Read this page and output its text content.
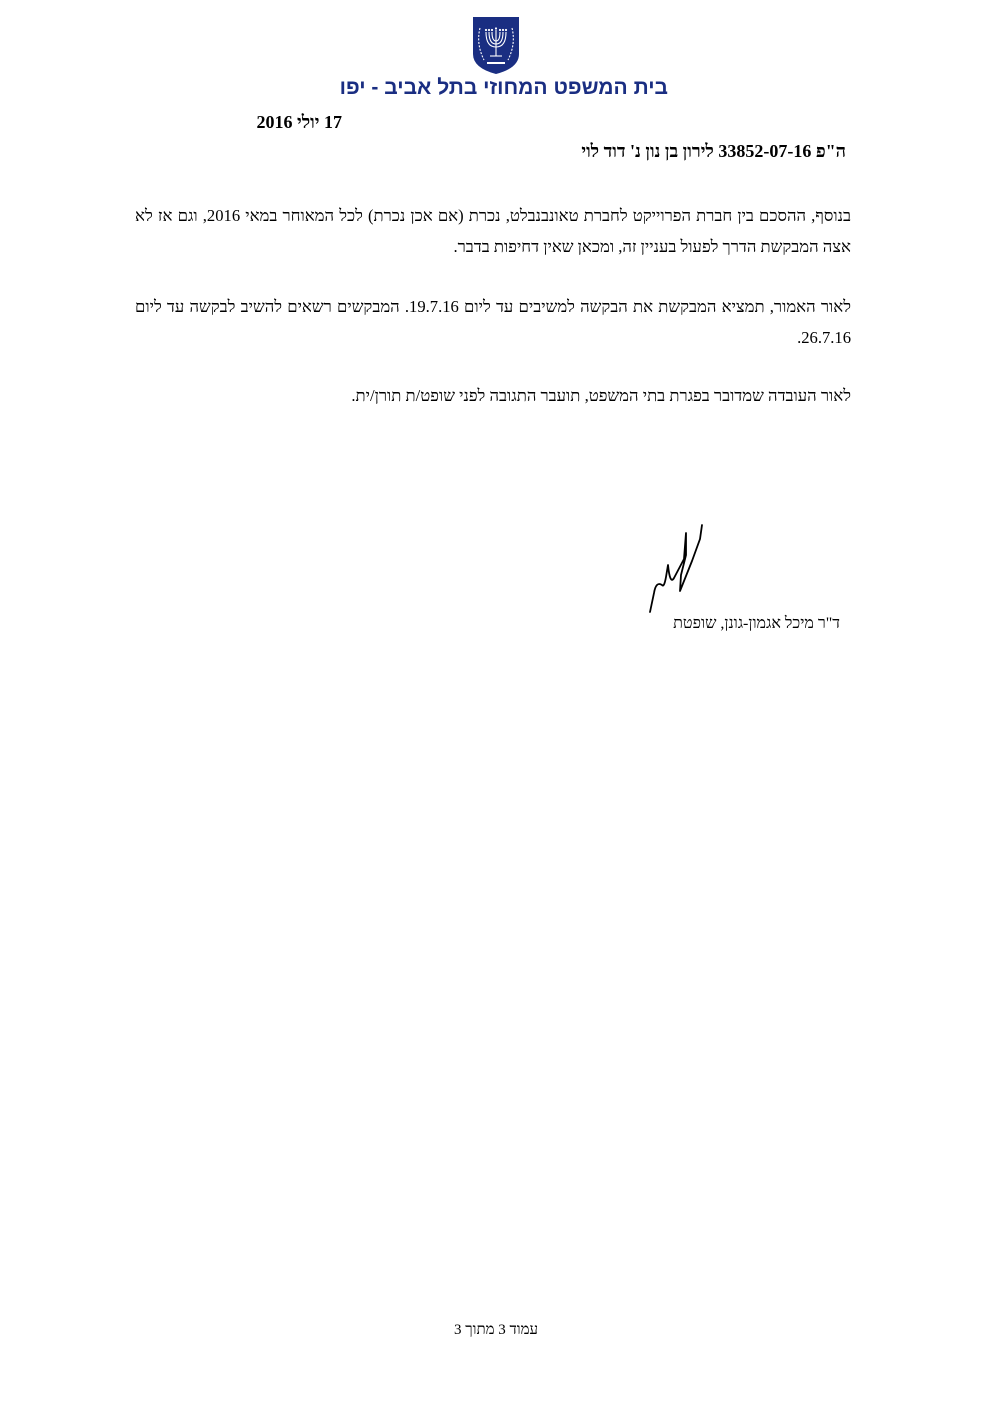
בית המשפט המחוזי בתל אביב - יפו
17 יולי 2016
ה"פ 33852-07-16 לירון בן נון נ' דוד לוי

בנוסף, ההסכם בין חברת הפרוייקט לחברת טאונבנבלט, נכרת (אם אכן נכרת) לכל המאוחר במאי 2016, וגם אז לא אצה המבקשת הדרך לפעול בעניין זה, ומכאן שאין דחיפות בדבר.

לאור האמור, תמציא המבקשת את הבקשה למשיבים עד ליום 19.7.16. המבקשים רשאים להשיב לבקשה עד ליום 26.7.16.

לאור העובדה שמדובר בפגרת בתי המשפט, תועבר התגובה לפני שופט/ת תורן/ית.

ד"ר מיכל אגמון-גונן, שופטת
עמוד 3 מתוך 3
